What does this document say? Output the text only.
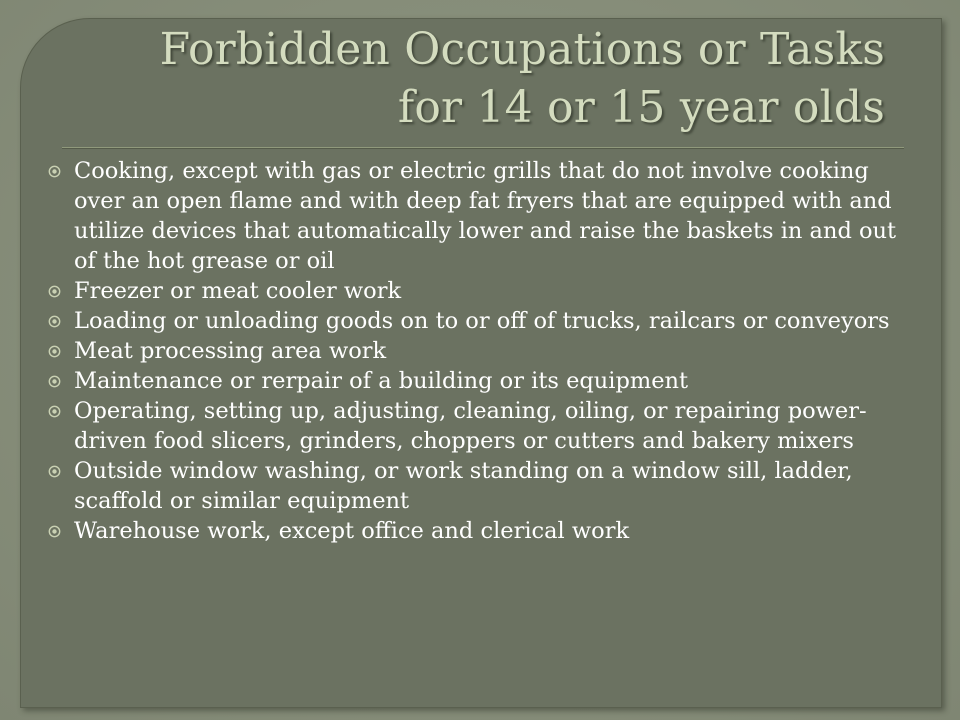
Forbidden Occupations or Tasks
for 14 or 15 year olds
Cooking, except with gas or electric grills that do not involve cooking over an open flame and with deep fat fryers that are equipped with and utilize devices that automatically lower and raise the baskets in and out of the hot grease or oil
Freezer or meat cooler work
Loading or unloading goods on to or off of trucks, railcars or conveyors
Meat processing area work
Maintenance or rerpair of a building or its equipment
Operating, setting up, adjusting, cleaning, oiling, or repairing power-driven food slicers, grinders, choppers or cutters and bakery mixers
Outside window washing, or work standing on a window sill, ladder, scaffold or similar equipment
Warehouse work, except office and clerical work
